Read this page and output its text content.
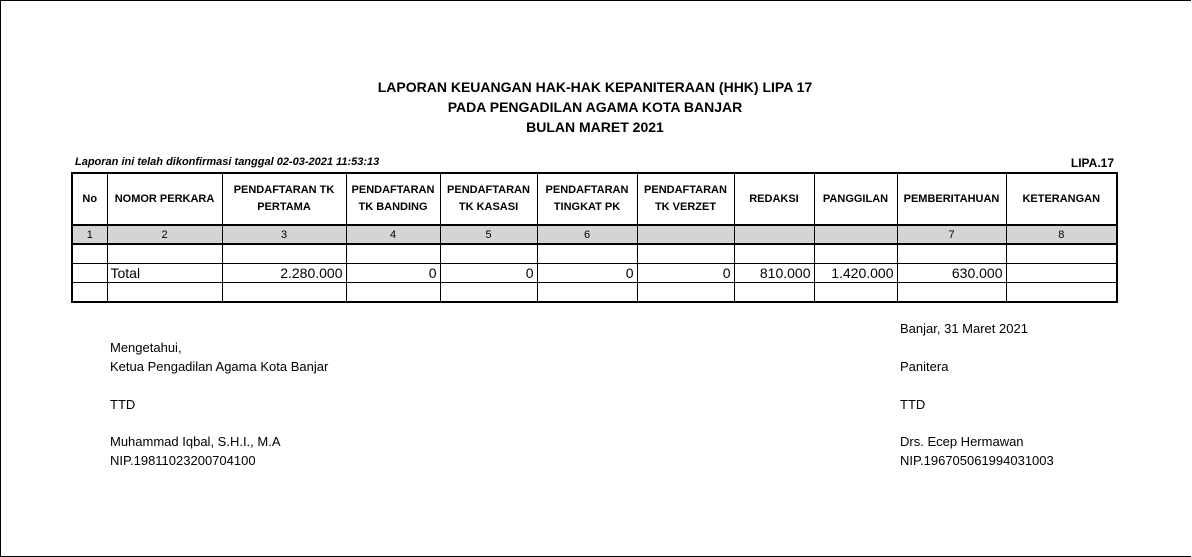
LAPORAN KEUANGAN HAK-HAK KEPANITERAAN (HHK) LIPA 17
PADA PENGADILAN AGAMA KOTA BANJAR
BULAN MARET 2021
Laporan ini telah dikonfirmasi tanggal 02-03-2021 11:53:13	LIPA.17
No	NOMOR PERKARA	PENDAFTARAN TK PERTAMA	PENDAFTARAN TK BANDING	PENDAFTARAN TK KASASI	PENDAFTARAN TINGKAT PK	PENDAFTARAN TK VERZET	REDAKSI	PANGGILAN	PEMBERITAHUAN	KETERANGAN
1	2	3	4	5	6				7	8

	Total	2.280.000	0	0	0	0	810.000	1.420.000	630.000	

Mengetahui,
Ketua Pengadilan Agama Kota Banjar
TTD
Muhammad Iqbal, S.H.I., M.A
NIP.19811023200704100
Banjar, 31 Maret 2021
Panitera
TTD
Drs. Ecep Hermawan
NIP.196705061994031003
